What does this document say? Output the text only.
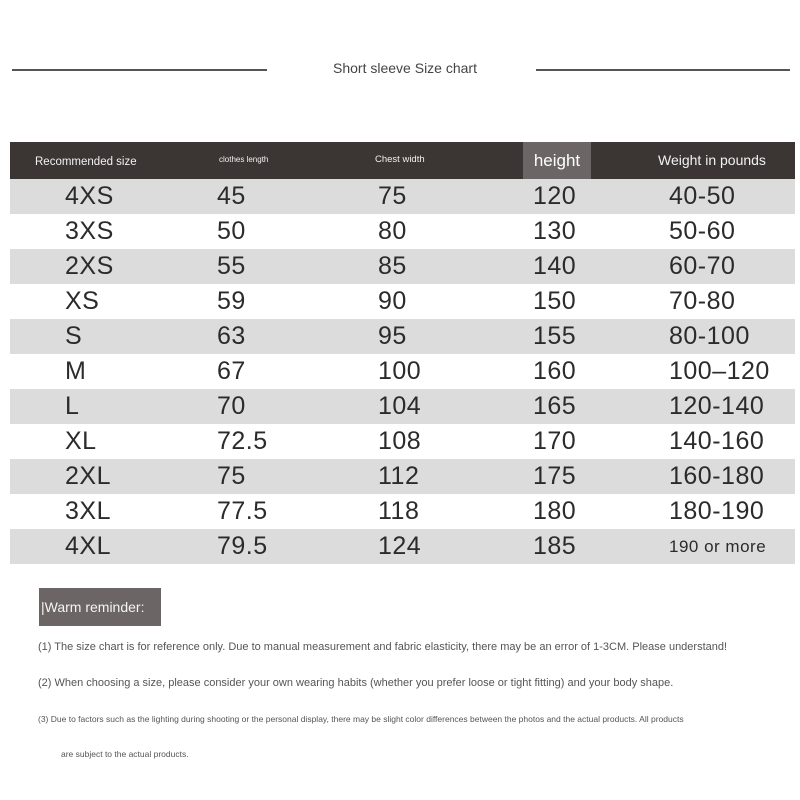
Short sleeve Size chart
Recommended size	clothes length	Chest width	height	Weight in pounds
4XS	45	75	120	40-50
3XS	50	80	130	50-60
2XS	55	85	140	60-70
XS	59	90	150	70-80
S	63	95	155	80-100
M	67	100	160	100–120
L	70	104	165	120-140
XL	72.5	108	170	140-160
2XL	75	112	175	160-180
3XL	77.5	118	180	180-190
4XL	79.5	124	185	190 or more
|Warm reminder:
(1) The size chart is for reference only. Due to manual measurement and fabric elasticity, there may be an error of 1-3CM. Please understand!
(2) When choosing a size, please consider your own wearing habits (whether you prefer loose or tight fitting) and your body shape.
(3) Due to factors such as the lighting during shooting or the personal display, there may be slight color differences between the photos and the actual products. All products
are subject to the actual products.
